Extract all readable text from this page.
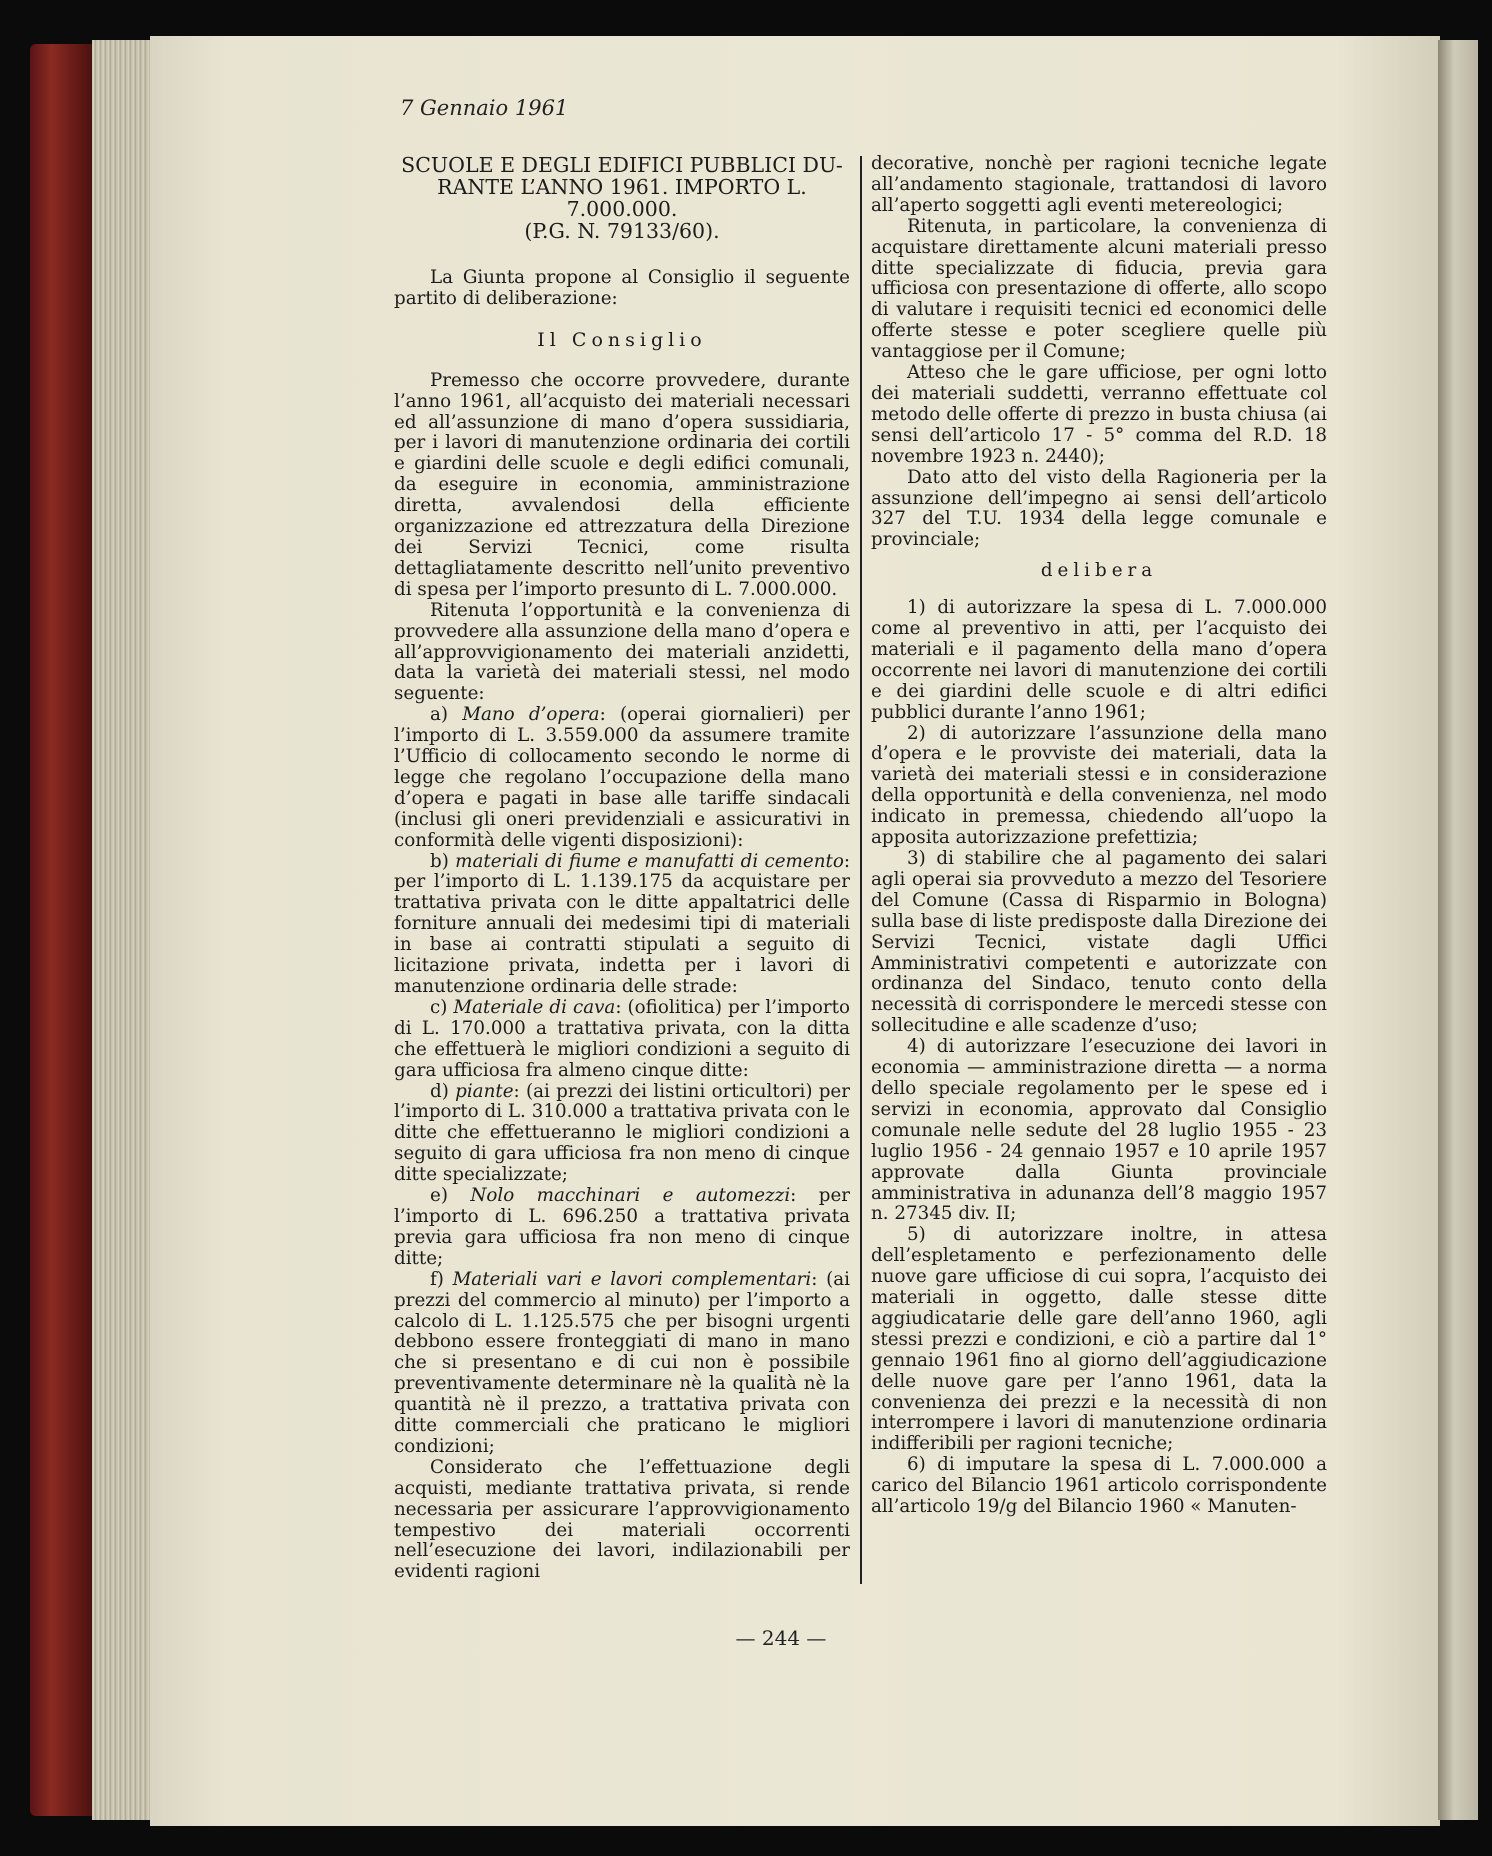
7 Gennaio 1961

SCUOLE E DEGLI EDIFICI PUBBLICI DU-
RANTE L’ANNO 1961. IMPORTO L. 7.000.000.
(P.G. N. 79133/60).

La Giunta propone al Consiglio il seguente partito di deliberazione:

Il Consiglio

Premesso che occorre provvedere, durante l’anno 1961, all’acquisto dei materiali necessari ed all’assunzione di mano d’opera sussidiaria, per i lavori di manutenzione ordinaria dei cortili e giardini delle scuole e degli edifici comunali, da eseguire in economia, amministrazione diretta, avvalendosi della efficiente organizzazione ed attrezzatura della Direzione dei Servizi Tecnici, come risulta dettagliatamente descritto nell’unito preventivo di spesa per l’importo presunto di L. 7.000.000.

Ritenuta l’opportunità e la convenienza di provvedere alla assunzione della mano d’opera e all’approvvigionamento dei materiali anzidetti, data la varietà dei materiali stessi, nel modo seguente:

a) Mano d’opera: (operai giornalieri) per l’importo di L. 3.559.000 da assumere tramite l’Ufficio di collocamento secondo le norme di legge che regolano l’occupazione della mano d’opera e pagati in base alle tariffe sindacali (inclusi gli oneri previdenziali e assicurativi in conformità delle vigenti disposizioni):

b) materiali di fiume e manufatti di cemento: per l’importo di L. 1.139.175 da acquistare per trattativa privata con le ditte appaltatrici delle forniture annuali dei medesimi tipi di materiali in base ai contratti stipulati a seguito di licitazione privata, indetta per i lavori di manutenzione ordinaria delle strade:

c) Materiale di cava: (ofiolitica) per l’importo di L. 170.000 a trattativa privata, con la ditta che effettuerà le migliori condizioni a seguito di gara ufficiosa fra almeno cinque ditte:

d) piante: (ai prezzi dei listini orticultori) per l’importo di L. 310.000 a trattativa privata con le ditte che effettueranno le migliori condizioni a seguito di gara ufficiosa fra non meno di cinque ditte specializzate;

e) Nolo macchinari e automezzi: per l’importo di L. 696.250 a trattativa privata previa gara ufficiosa fra non meno di cinque ditte;

f) Materiali vari e lavori complementari: (ai prezzi del commercio al minuto) per l’importo a calcolo di L. 1.125.575 che per bisogni urgenti debbono essere fronteggiati di mano in mano che si presentano e di cui non è possibile preventivamente determinare nè la qualità nè la quantità nè il prezzo, a trattativa privata con ditte commerciali che praticano le migliori condizioni;

Considerato che l’effettuazione degli acquisti, mediante trattativa privata, si rende necessaria per assicurare l’approvvigionamento tempestivo dei materiali occorrenti nell’esecuzione dei lavori, indilazionabili per evidenti ragioni

decorative, nonchè per ragioni tecniche legate all’andamento stagionale, trattandosi di lavoro all’aperto soggetti agli eventi metereologici;

Ritenuta, in particolare, la convenienza di acquistare direttamente alcuni materiali presso ditte specializzate di fiducia, previa gara ufficiosa con presentazione di offerte, allo scopo di valutare i requisiti tecnici ed economici delle offerte stesse e poter scegliere quelle più vantaggiose per il Comune;

Atteso che le gare ufficiose, per ogni lotto dei materiali suddetti, verranno effettuate col metodo delle offerte di prezzo in busta chiusa (ai sensi dell’articolo 17 - 5° comma del R.D. 18 novembre 1923 n. 2440);

Dato atto del visto della Ragioneria per la assunzione dell’impegno ai sensi dell’articolo 327 del T.U. 1934 della legge comunale e provinciale;

delibera

1) di autorizzare la spesa di L. 7.000.000 come al preventivo in atti, per l’acquisto dei materiali e il pagamento della mano d’opera occorrente nei lavori di manutenzione dei cortili e dei giardini delle scuole e di altri edifici pubblici durante l’anno 1961;

2) di autorizzare l’assunzione della mano d’opera e le provviste dei materiali, data la varietà dei materiali stessi e in considerazione della opportunità e della convenienza, nel modo indicato in premessa, chiedendo all’uopo la apposita autorizzazione prefettizia;

3) di stabilire che al pagamento dei salari agli operai sia provveduto a mezzo del Tesoriere del Comune (Cassa di Risparmio in Bologna) sulla base di liste predisposte dalla Direzione dei Servizi Tecnici, vistate dagli Uffici Amministrativi competenti e autorizzate con ordinanza del Sindaco, tenuto conto della necessità di corrispondere le mercedi stesse con sollecitudine e alle scadenze d’uso;

4) di autorizzare l’esecuzione dei lavori in economia — amministrazione diretta — a norma dello speciale regolamento per le spese ed i servizi in economia, approvato dal Consiglio comunale nelle sedute del 28 luglio 1955 - 23 luglio 1956 - 24 gennaio 1957 e 10 aprile 1957 approvate dalla Giunta provinciale amministrativa in adunanza dell’8 maggio 1957 n. 27345 div. II;

5) di autorizzare inoltre, in attesa dell’espletamento e perfezionamento delle nuove gare ufficiose di cui sopra, l’acquisto dei materiali in oggetto, dalle stesse ditte aggiudicatarie delle gare dell’anno 1960, agli stessi prezzi e condizioni, e ciò a partire dal 1° gennaio 1961 fino al giorno dell’aggiudicazione delle nuove gare per l’anno 1961, data la convenienza dei prezzi e la necessità di non interrompere i lavori di manutenzione ordinaria indifferibili per ragioni tecniche;

6) di imputare la spesa di L. 7.000.000 a carico del Bilancio 1961 articolo corrispondente all’articolo 19/g del Bilancio 1960 « Manuten-

— 244 —
